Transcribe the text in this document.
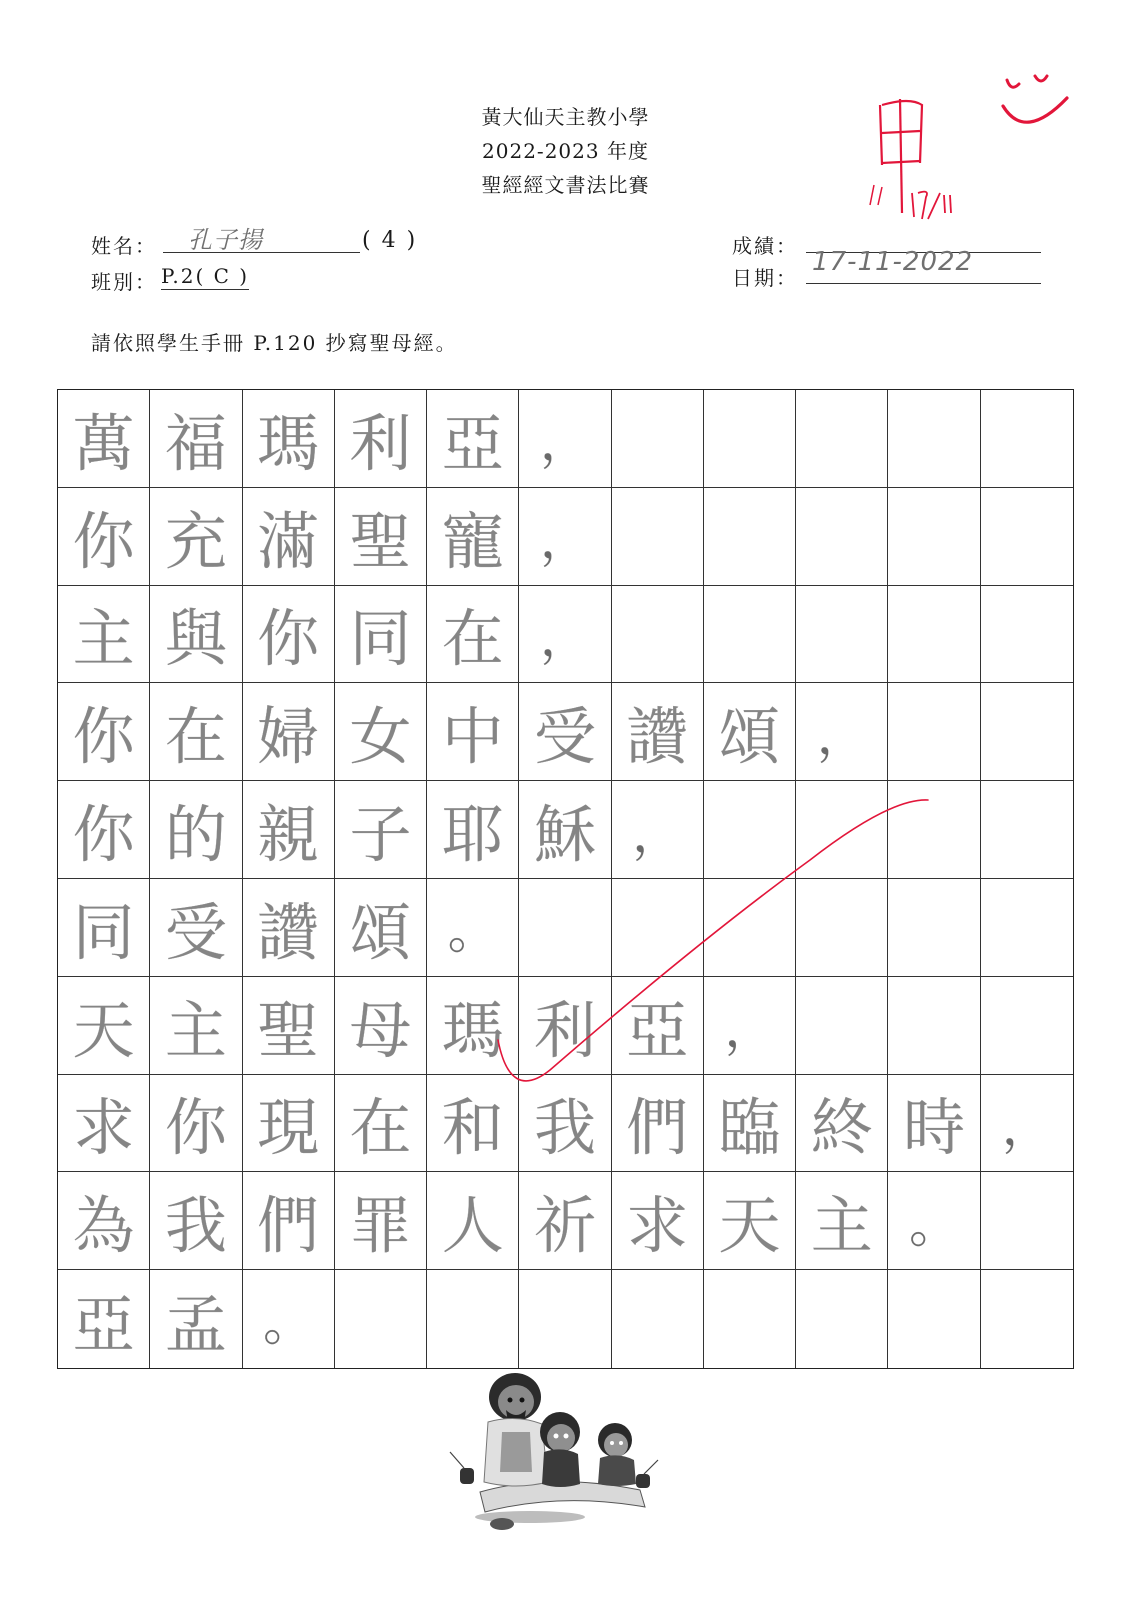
黃大仙天主教小學
2022-2023 年度
聖經經文書法比賽
姓名： 孔子揚	( 4 )
班別： P.2( C )
成績：
日期：
17-11-2022
請依照學生手冊 P.120 抄寫聖母經。
萬 福 瑪 利 亞 ，
你 充 滿 聖 寵 ，
主 與 你 同 在 ，
你 在 婦 女 中 受 讚 頌 ，
你 的 親 子 耶 穌 ，
同 受 讚 頌 。
天 主 聖 母 瑪 利 亞 ，
求 你 現 在 和 我 們 臨 終 時 ，
為 我 們 罪 人 祈 求 天 主 。
亞 孟 。
